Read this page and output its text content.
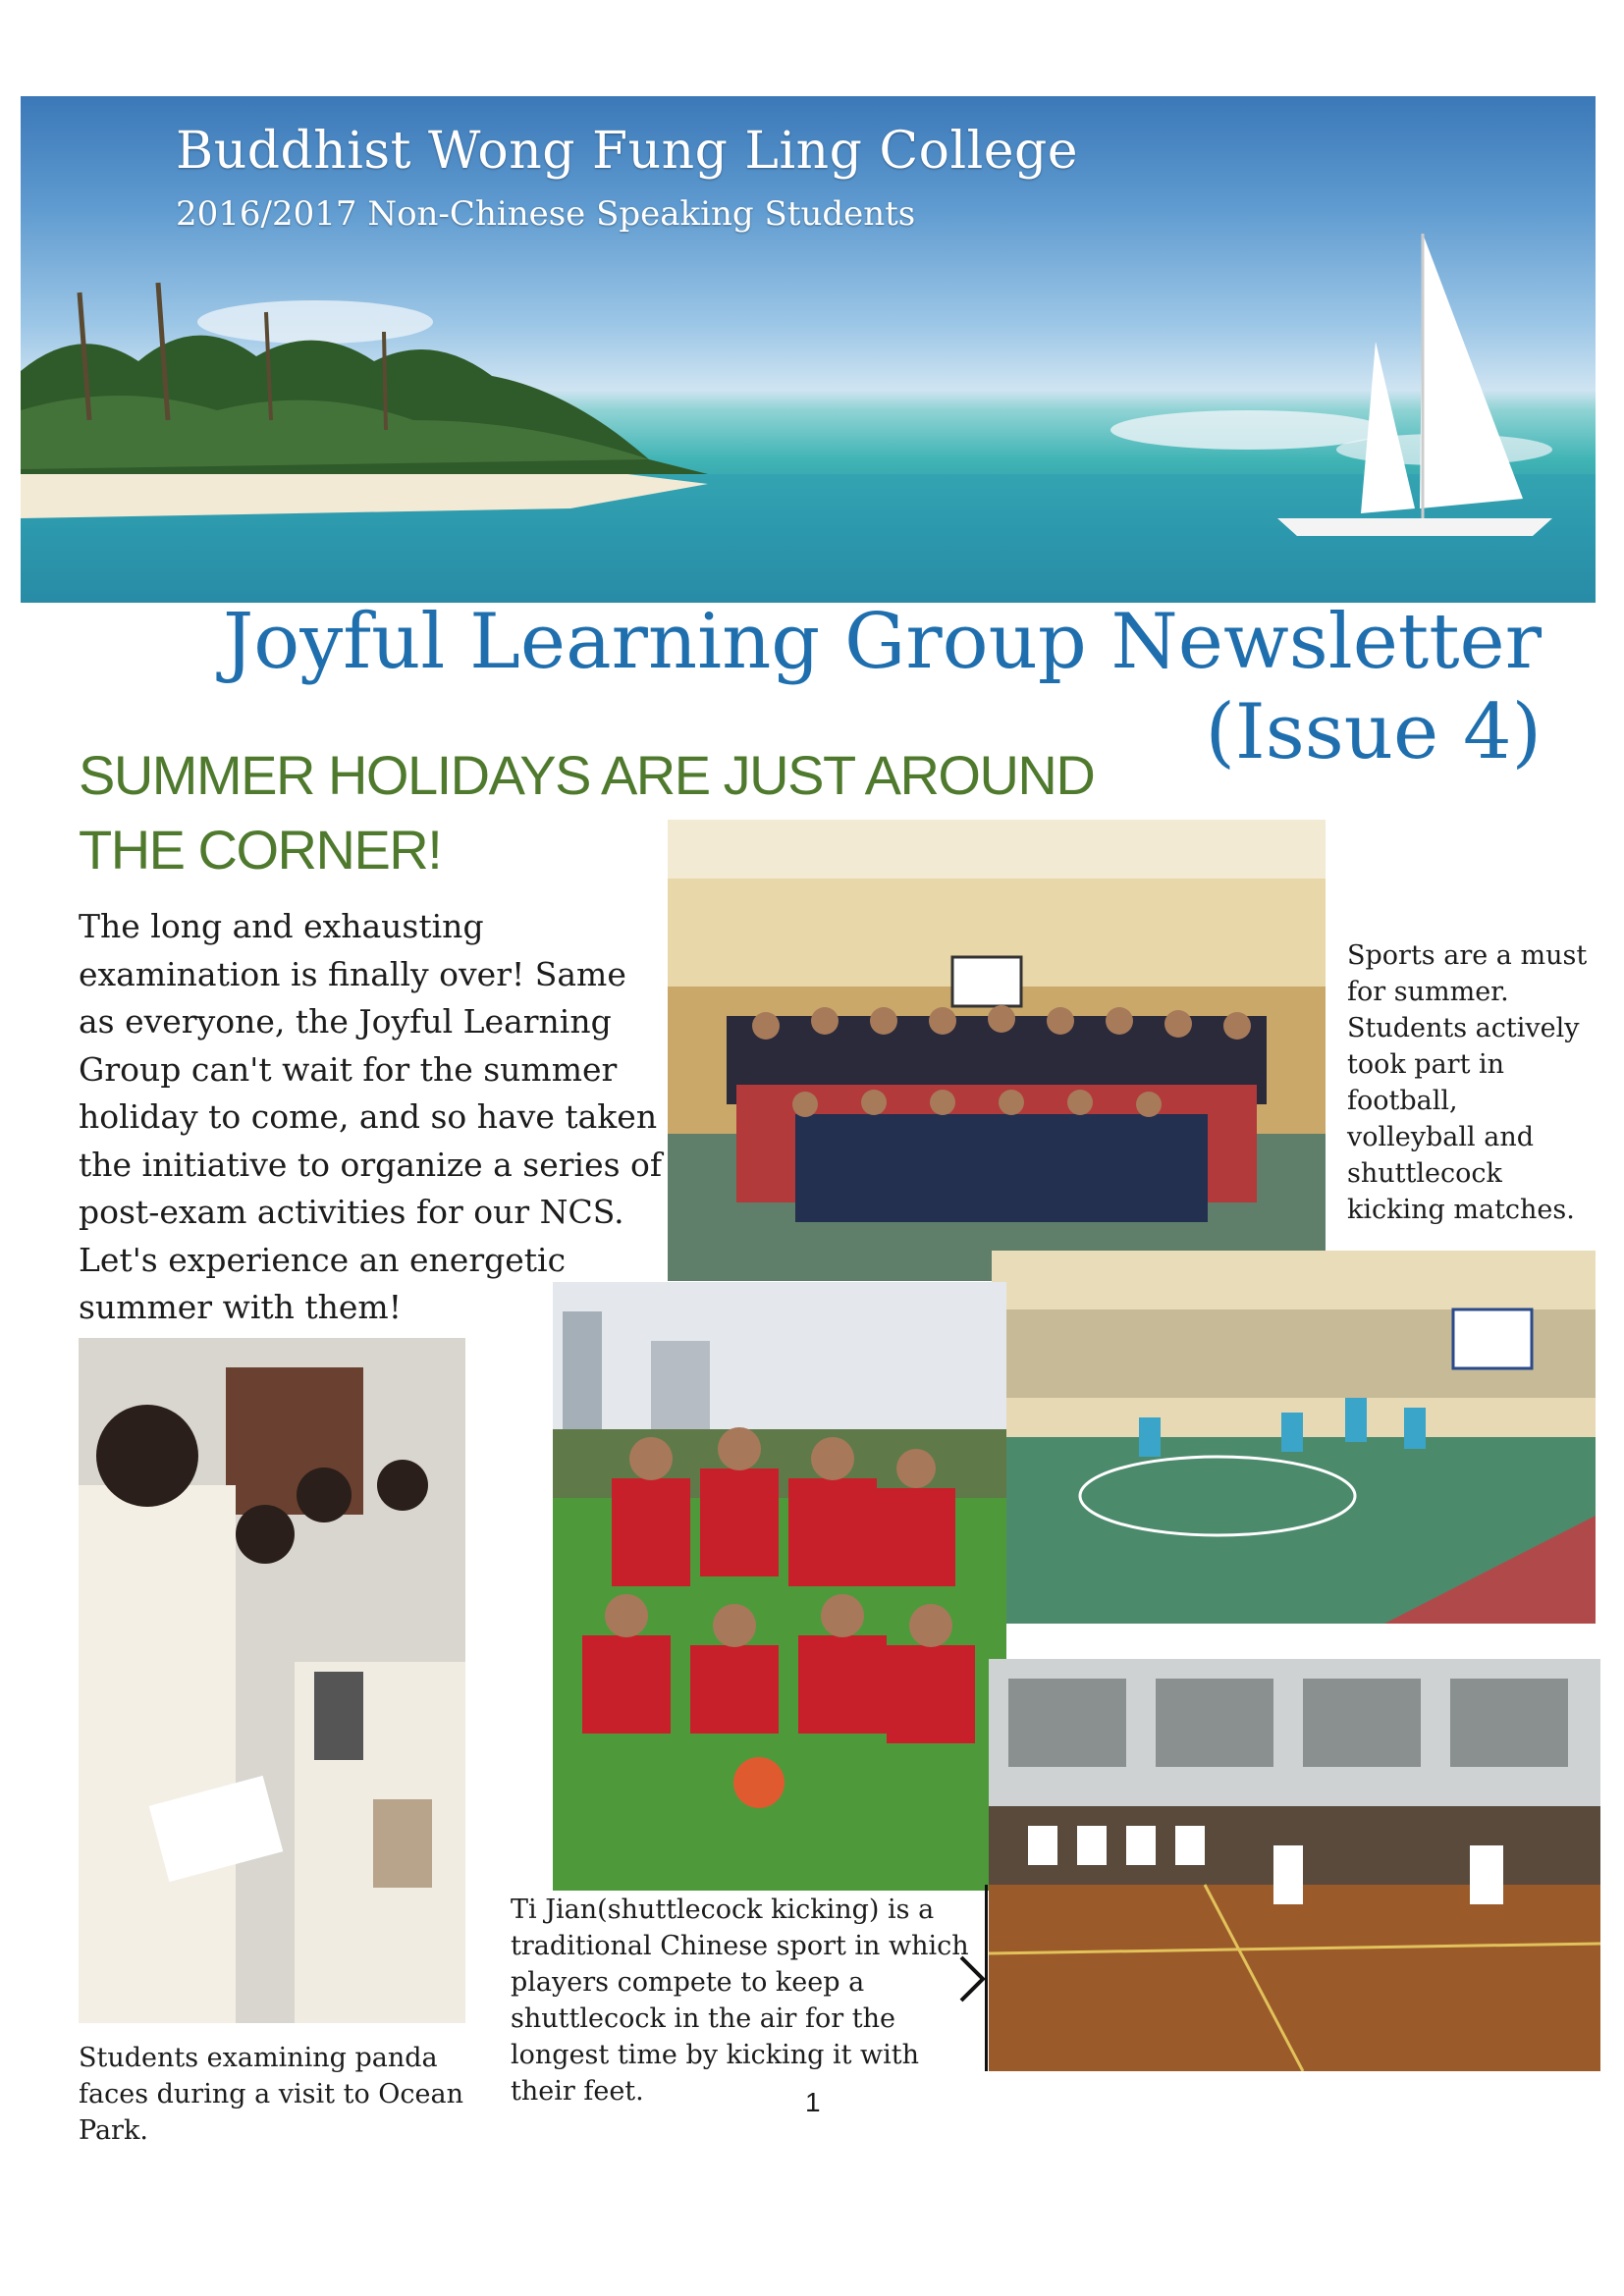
Buddhist Wong Fung Ling College
2016/2017 Non-Chinese Speaking Students
Joyful Learning Group Newsletter
(Issue 4)
SUMMER HOLIDAYS ARE JUST AROUND THE CORNER!
The long and exhausting examination is finally over! Same as everyone, the Joyful Learning Group can't wait for the summer holiday to come, and so have taken the initiative to organize a series of post-exam activities for our NCS. Let's experience an energetic summer with them!
Sports are a must for summer. Students actively took part in football, volleyball and shuttlecock kicking matches.
Students examining panda faces during a visit to Ocean Park.
Ti Jian(shuttlecock kicking) is a traditional Chinese sport in which players compete to keep a shuttlecock in the air for the longest time by kicking it with their feet.	1
